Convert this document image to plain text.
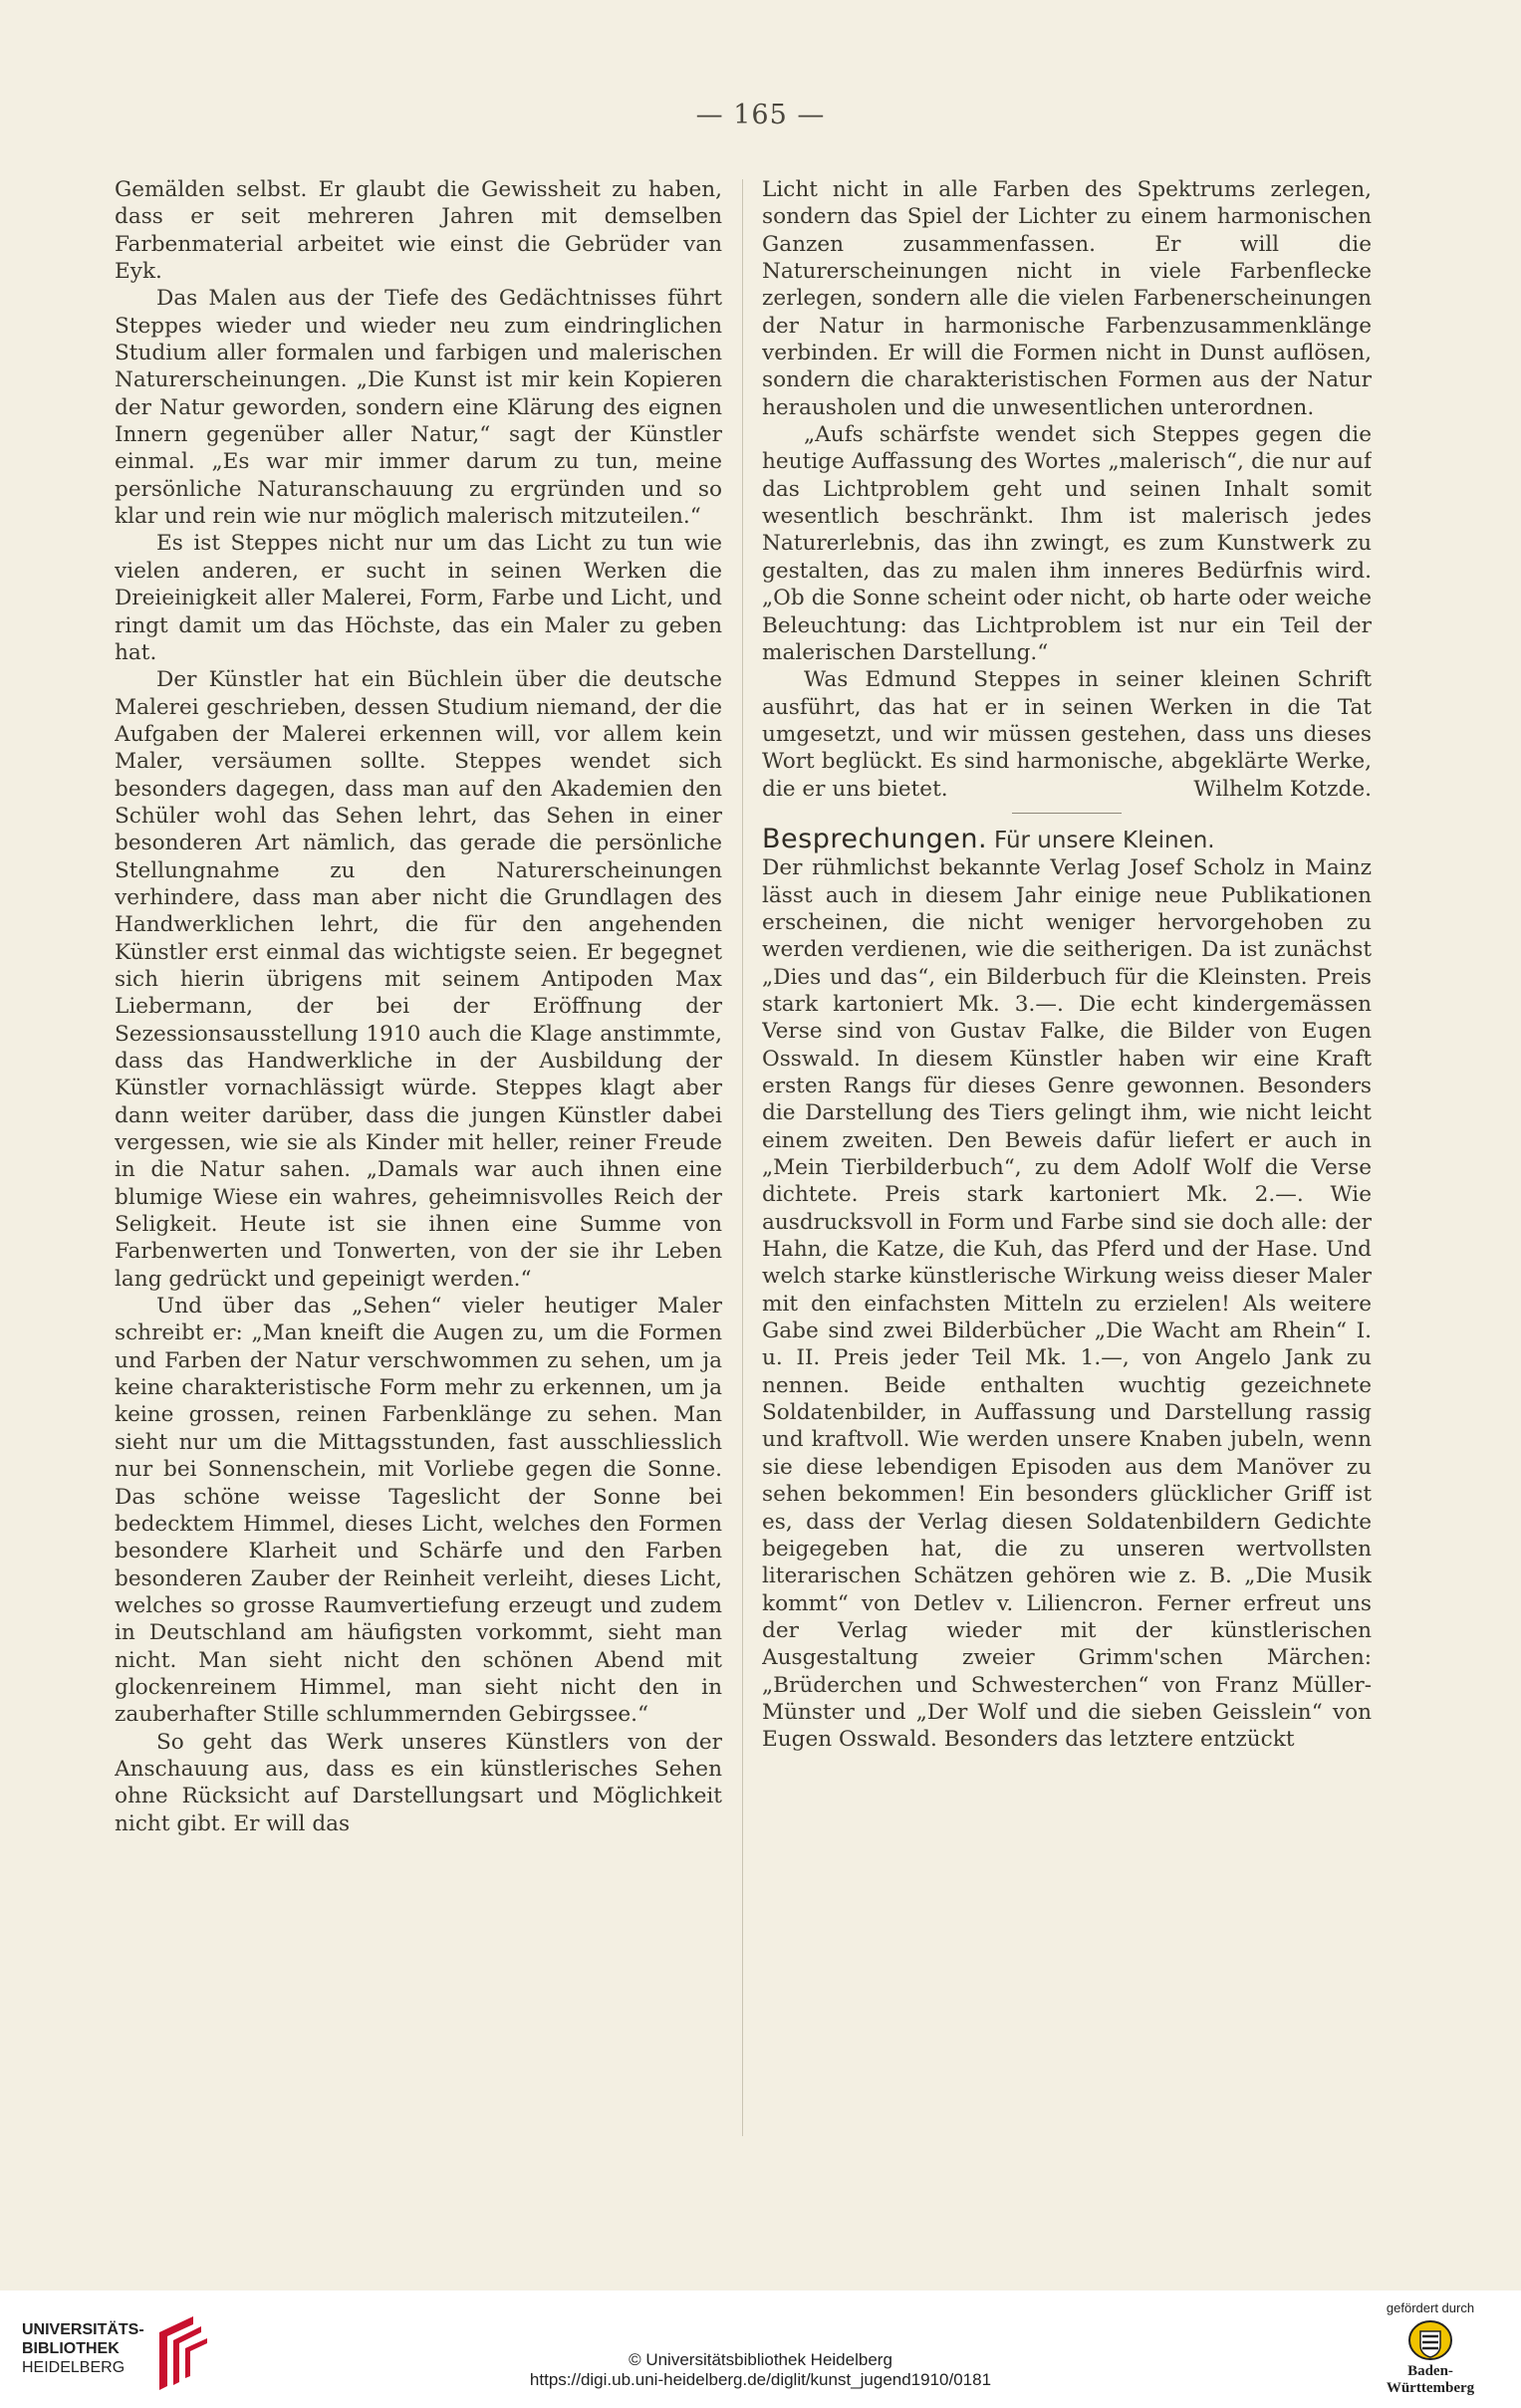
— 165 —

Gemälden selbst. Er glaubt die Gewissheit zu haben, dass er seit mehreren Jahren mit demselben Farbenmaterial arbeitet wie einst die Gebrüder van Eyk.

Das Malen aus der Tiefe des Gedächtnisses führt Steppes wieder und wieder neu zum eindringlichen Studium aller formalen und farbigen und malerischen Naturerscheinungen. „Die Kunst ist mir kein Kopieren der Natur geworden, sondern eine Klärung des eignen Innern gegenüber aller Natur,“ sagt der Künstler einmal. „Es war mir immer darum zu tun, meine persönliche Naturanschauung zu ergründen und so klar und rein wie nur möglich malerisch mitzuteilen.“

Es ist Steppes nicht nur um das Licht zu tun wie vielen anderen, er sucht in seinen Werken die Dreieinigkeit aller Malerei, Form, Farbe und Licht, und ringt damit um das Höchste, das ein Maler zu geben hat.

Der Künstler hat ein Büchlein über die deutsche Malerei geschrieben, dessen Studium niemand, der die Aufgaben der Malerei erkennen will, vor allem kein Maler, versäumen sollte. Steppes wendet sich besonders dagegen, dass man auf den Akademien den Schüler wohl das Sehen lehrt, das Sehen in einer besonderen Art nämlich, das gerade die persönliche Stellungnahme zu den Naturerscheinungen verhindere, dass man aber nicht die Grundlagen des Handwerklichen lehrt, die für den angehenden Künstler erst einmal das wichtigste seien. Er begegnet sich hierin übrigens mit seinem Antipoden Max Liebermann, der bei der Eröffnung der Sezessionsausstellung 1910 auch die Klage anstimmte, dass das Handwerkliche in der Ausbildung der Künstler vornachlässigt würde. Steppes klagt aber dann weiter darüber, dass die jungen Künstler dabei vergessen, wie sie als Kinder mit heller, reiner Freude in die Natur sahen. „Damals war auch ihnen eine blumige Wiese ein wahres, geheimnisvolles Reich der Seligkeit. Heute ist sie ihnen eine Summe von Farbenwerten und Tonwerten, von der sie ihr Leben lang gedrückt und gepeinigt werden.“

Und über das „Sehen“ vieler heutiger Maler schreibt er: „Man kneift die Augen zu, um die Formen und Farben der Natur verschwommen zu sehen, um ja keine charakteristische Form mehr zu erkennen, um ja keine grossen, reinen Farbenklänge zu sehen. Man sieht nur um die Mittagsstunden, fast ausschliesslich nur bei Sonnenschein, mit Vorliebe gegen die Sonne. Das schöne weisse Tageslicht der Sonne bei bedecktem Himmel, dieses Licht, welches den Formen besondere Klarheit und Schärfe und den Farben besonderen Zauber der Reinheit verleiht, dieses Licht, welches so grosse Raumvertiefung erzeugt und zudem in Deutschland am häufigsten vorkommt, sieht man nicht. Man sieht nicht den schönen Abend mit glockenreinem Himmel, man sieht nicht den in zauberhafter Stille schlummernden Gebirgssee.“

So geht das Werk unseres Künstlers von der Anschauung aus, dass es ein künstlerisches Sehen ohne Rücksicht auf Darstellungsart und Möglichkeit nicht gibt. Er will das

Licht nicht in alle Farben des Spektrums zerlegen, sondern das Spiel der Lichter zu einem harmonischen Ganzen zusammenfassen. Er will die Naturerscheinungen nicht in viele Farbenflecke zerlegen, sondern alle die vielen Farbenerscheinungen der Natur in harmonische Farbenzusammenklänge verbinden. Er will die Formen nicht in Dunst auflösen, sondern die charakteristischen Formen aus der Natur herausholen und die unwesentlichen unterordnen.

„Aufs schärfste wendet sich Steppes gegen die heutige Auffassung des Wortes „malerisch“, die nur auf das Lichtproblem geht und seinen Inhalt somit wesentlich beschränkt. Ihm ist malerisch jedes Naturerlebnis, das ihn zwingt, es zum Kunstwerk zu gestalten, das zu malen ihm inneres Bedürfnis wird. „Ob die Sonne scheint oder nicht, ob harte oder weiche Beleuchtung: das Lichtproblem ist nur ein Teil der malerischen Darstellung.“

Was Edmund Steppes in seiner kleinen Schrift ausführt, das hat er in seinen Werken in die Tat umgesetzt, und wir müssen gestehen, dass uns dieses Wort beglückt. Es sind harmonische, abgeklärte Werke, die er uns bietet.	Wilhelm Kotzde.

Besprechungen. Für unsere Kleinen.

Der rühmlichst bekannte Verlag Josef Scholz in Mainz lässt auch in diesem Jahr einige neue Publikationen erscheinen, die nicht weniger hervorgehoben zu werden verdienen, wie die seitherigen. Da ist zunächst „Dies und das“, ein Bilderbuch für die Kleinsten. Preis stark kartoniert Mk. 3.—. Die echt kindergemässen Verse sind von Gustav Falke, die Bilder von Eugen Osswald. In diesem Künstler haben wir eine Kraft ersten Rangs für dieses Genre gewonnen. Besonders die Darstellung des Tiers gelingt ihm, wie nicht leicht einem zweiten. Den Beweis dafür liefert er auch in „Mein Tierbilderbuch“, zu dem Adolf Wolf die Verse dichtete. Preis stark kartoniert Mk. 2.—. Wie ausdrucksvoll in Form und Farbe sind sie doch alle: der Hahn, die Katze, die Kuh, das Pferd und der Hase. Und welch starke künstlerische Wirkung weiss dieser Maler mit den einfachsten Mitteln zu erzielen! Als weitere Gabe sind zwei Bilderbücher „Die Wacht am Rhein“ I. u. II. Preis jeder Teil Mk. 1.—, von Angelo Jank zu nennen. Beide enthalten wuchtig gezeichnete Soldatenbilder, in Auffassung und Darstellung rassig und kraftvoll. Wie werden unsere Knaben jubeln, wenn sie diese lebendigen Episoden aus dem Manöver zu sehen bekommen! Ein besonders glücklicher Griff ist es, dass der Verlag diesen Soldatenbildern Gedichte beigegeben hat, die zu unseren wertvollsten literarischen Schätzen gehören wie z. B. „Die Musik kommt“ von Detlev v. Liliencron. Ferner erfreut uns der Verlag wieder mit der künstlerischen Ausgestaltung zweier Grimm'schen Märchen: „Brüderchen und Schwesterchen“ von Franz Müller-Münster und „Der Wolf und die sieben Geisslein“ von Eugen Osswald. Besonders das letztere entzückt

UNIVERSITÄTS-
BIBLIOTHEK
HEIDELBERG	© Universitätsbibliothek Heidelberg
https://digi.ub.uni-heidelberg.de/diglit/kunst_jugend1910/0181
gefördert durch
Baden-Württemberg
